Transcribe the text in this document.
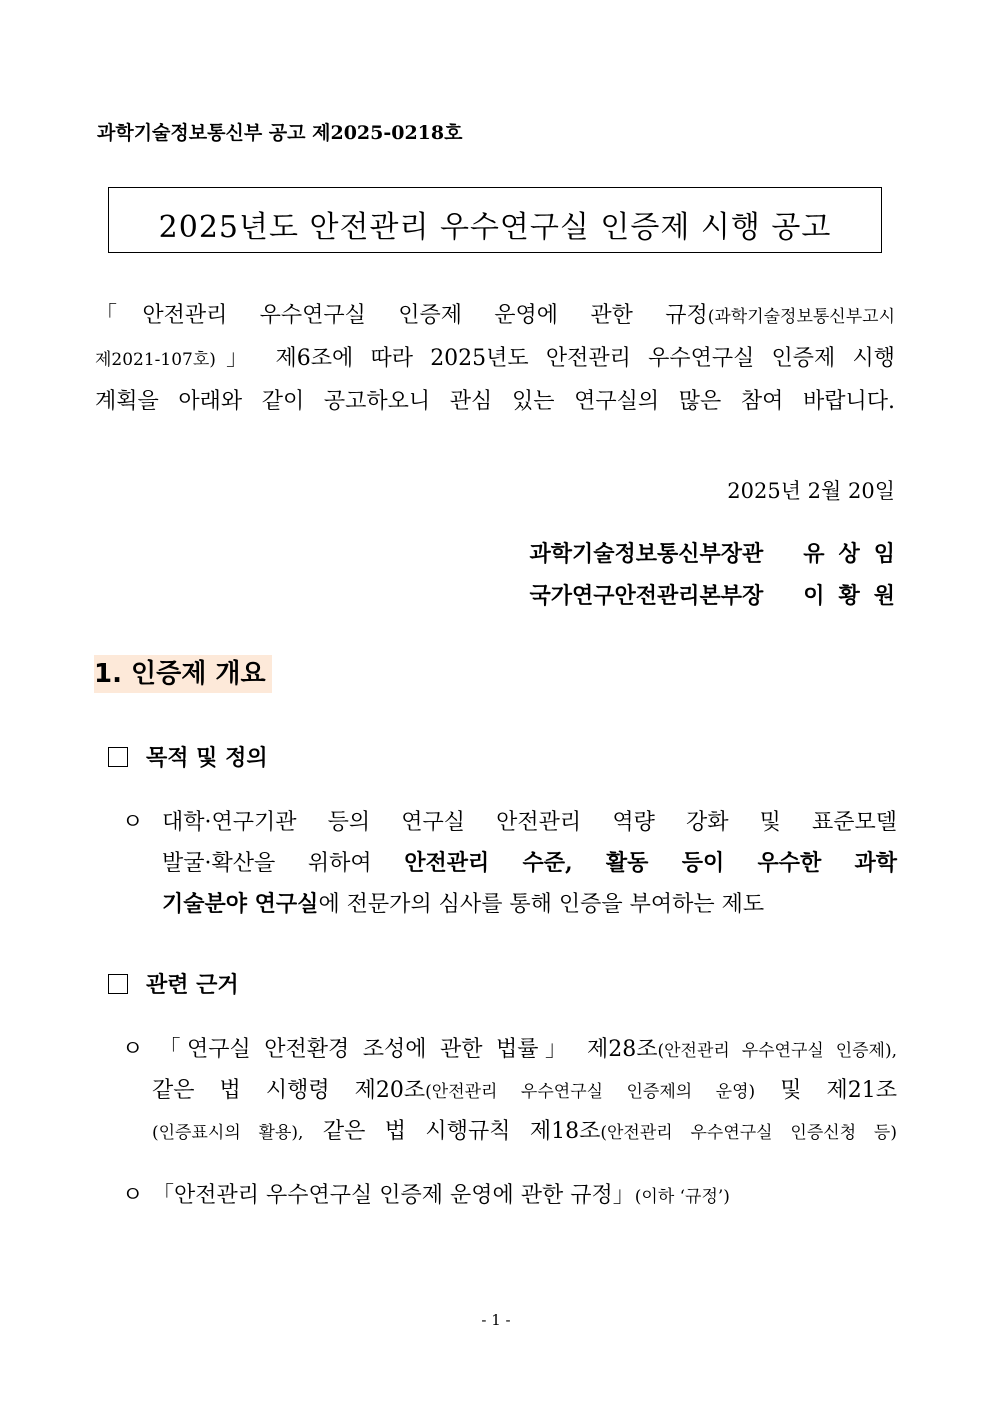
과학기술정보통신부 공고 제2025-0218호
2025년도 안전관리 우수연구실 인증제 시행 공고
「안전관리 우수연구실 인증제 운영에 관한 규정(과학기술정보통신부고시
제2021-107호)」 제6조에 따라 2025년도 안전관리 우수연구실 인증제 시행
계획을 아래와 같이 공고하오니 관심 있는 연구실의 많은 참여 바랍니다.
2025년 2월 20일
과학기술정보통신부장관 유상임
국가연구안전관리본부장 이황원
1. 인증제 개요
목적 및 정의
ㅇ 대학·연구기관 등의 연구실 안전관리 역량 강화 및 표준모델
발굴·확산을 위하여 안전관리 수준, 활동 등이 우수한 과학
기술분야 연구실에 전문가의 심사를 통해 인증을 부여하는 제도
관련 근거
ㅇ 「연구실 안전환경 조성에 관한 법률」 제28조(안전관리 우수연구실 인증제),
같은 법 시행령 제20조(안전관리 우수연구실 인증제의 운영) 및 제21조
(인증표시의 활용), 같은 법 시행규칙 제18조(안전관리 우수연구실 인증신청 등)
ㅇ 「안전관리 우수연구실 인증제 운영에 관한 규정」(이하 ‘규정’)
- 1 -
